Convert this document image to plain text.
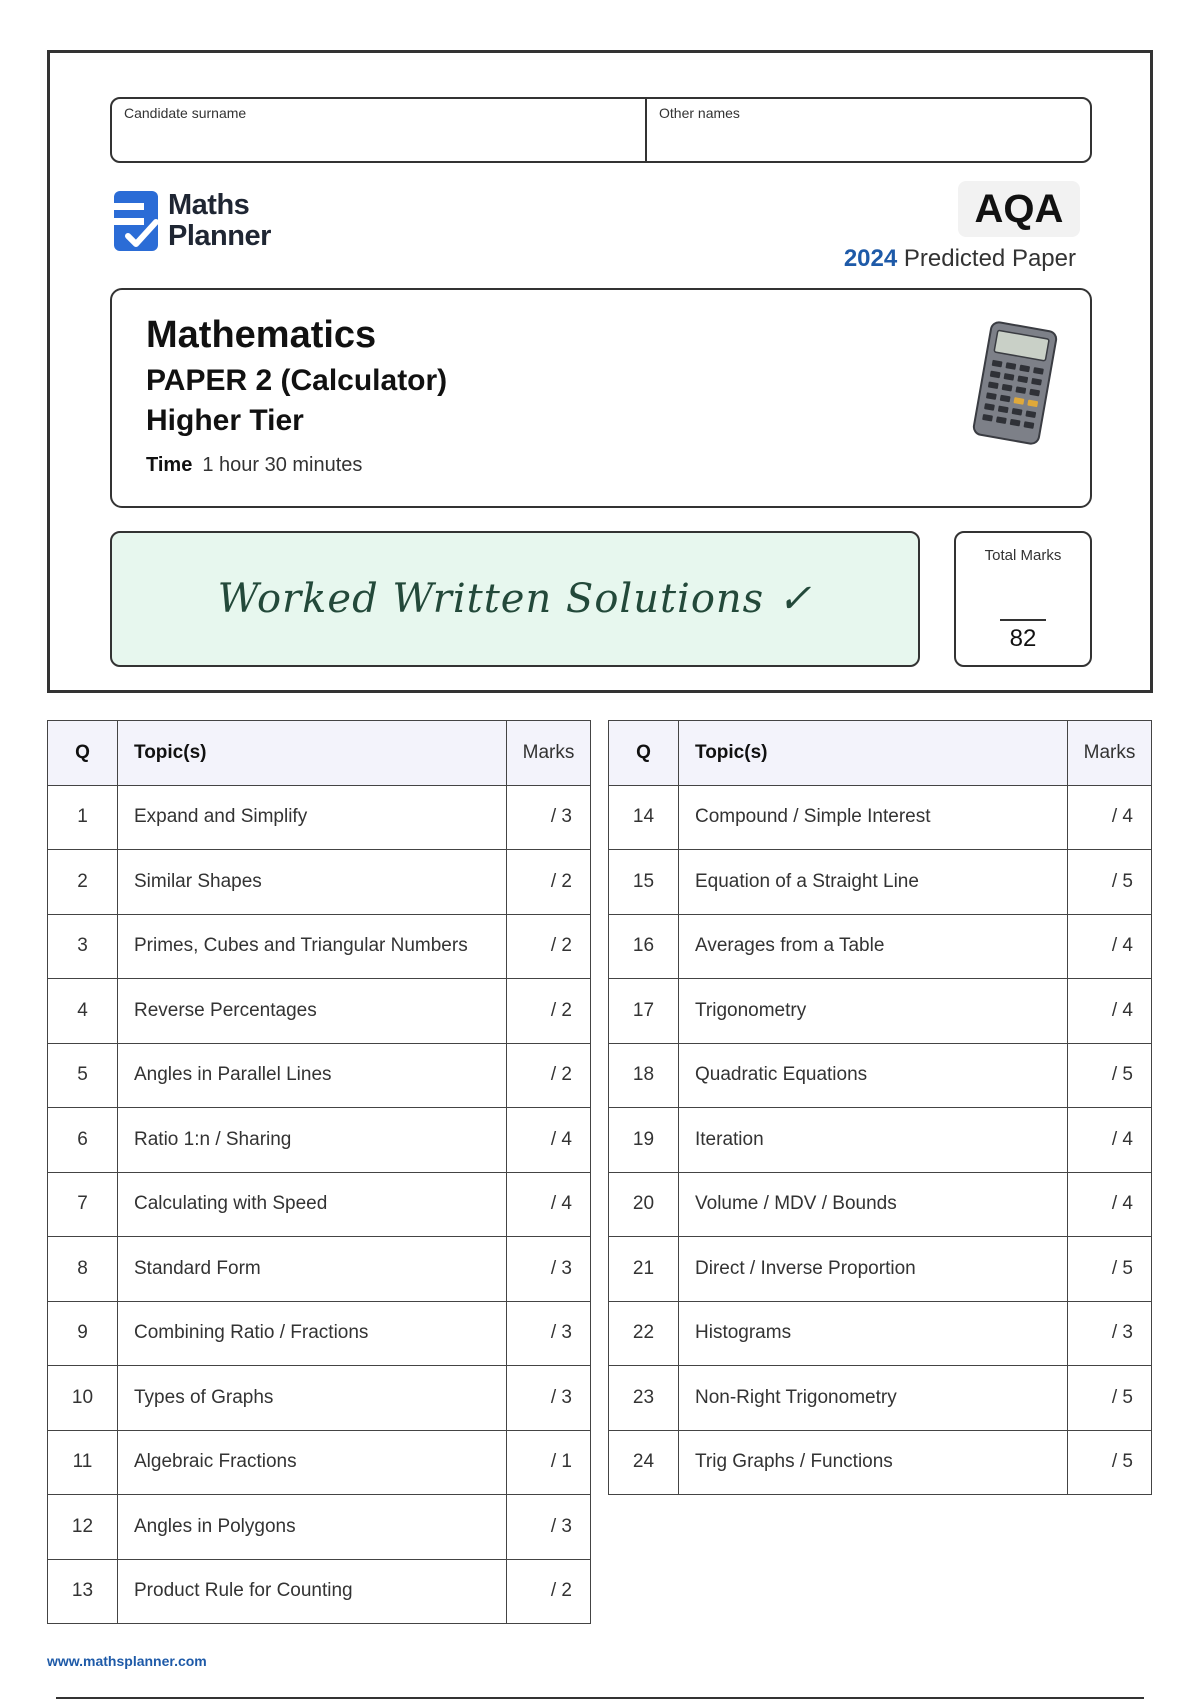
Candidate surname	Other names
Maths
Planner
AQA
2024 Predicted Paper
Mathematics
PAPER 2 (Calculator)
Higher Tier
Time 1 hour 30 minutes
Worked Written Solutions ✓
Total Marks
82
Q	Topic(s)	Marks
1	Expand and Simplify	/ 3
2	Similar Shapes	/ 2
3	Primes, Cubes and Triangular Numbers	/ 2
4	Reverse Percentages	/ 2
5	Angles in Parallel Lines	/ 2
6	Ratio 1:n / Sharing	/ 4
7	Calculating with Speed	/ 4
8	Standard Form	/ 3
9	Combining Ratio / Fractions	/ 3
10	Types of Graphs	/ 3
11	Algebraic Fractions	/ 1
12	Angles in Polygons	/ 3
13	Product Rule for Counting	/ 2
Q	Topic(s)	Marks
14	Compound / Simple Interest	/ 4
15	Equation of a Straight Line	/ 5
16	Averages from a Table	/ 4
17	Trigonometry	/ 4
18	Quadratic Equations	/ 5
19	Iteration	/ 4
20	Volume / MDV / Bounds	/ 4
21	Direct / Inverse Proportion	/ 5
22	Histograms	/ 3
23	Non-Right Trigonometry	/ 5
24	Trig Graphs / Functions	/ 5
www.mathsplanner.com
